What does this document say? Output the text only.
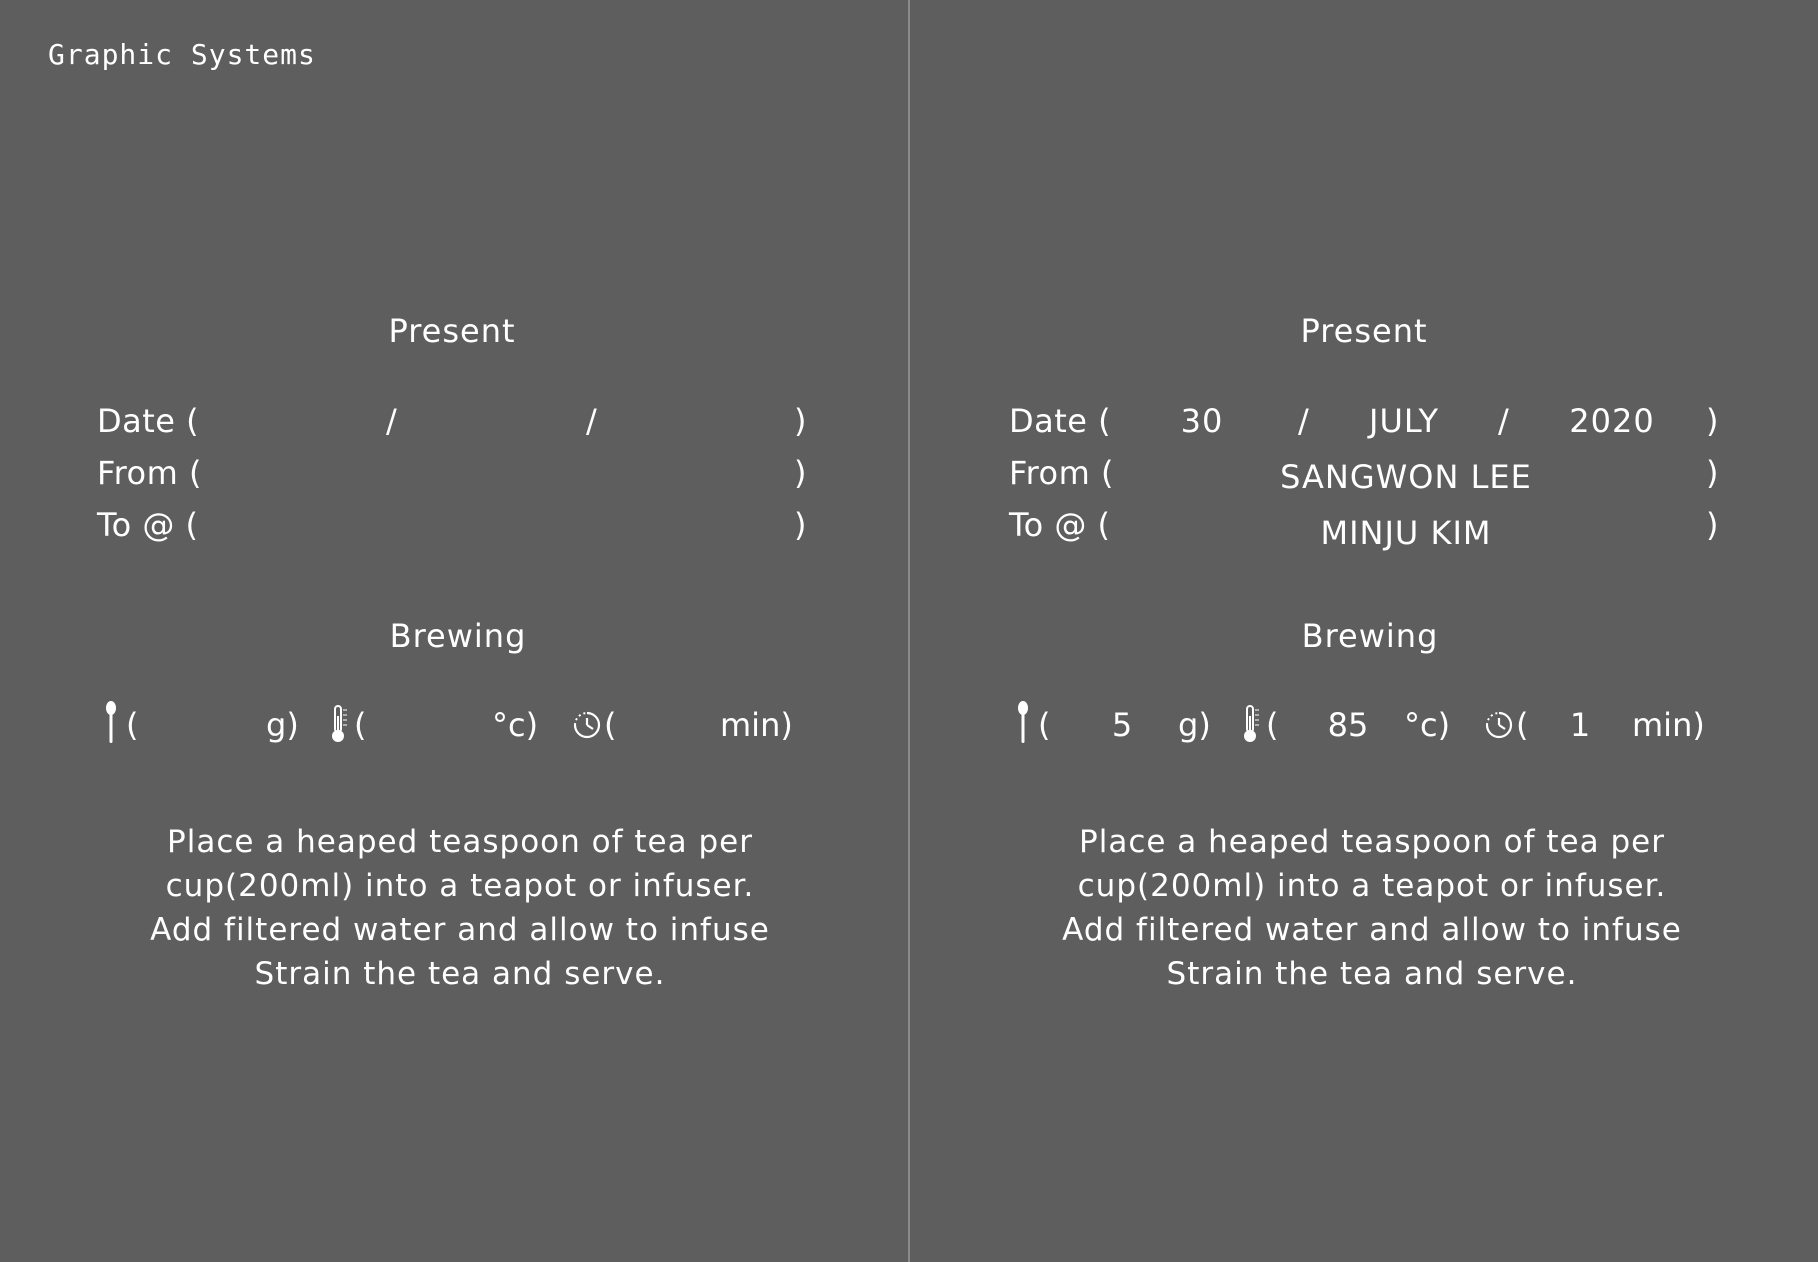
Graphic Systems
Present
Date (	/	/	)
From (	)
To @ (	)
Brewing
(	g) (	°c) (	min)
Place a heaped teaspoon of tea per
cup(200ml) into a teapot or infuser.
Add filtered water and allow to infuse
Strain the tea and serve.
Present
Date ( 30 / JULY / 2020 )
From (	SANGWON LEE	)
To @ (	MINJU KIM	)
Brewing
( 5 g) ( 85 °c) ( 1 min)
Place a heaped teaspoon of tea per
cup(200ml) into a teapot or infuser.
Add filtered water and allow to infuse
Strain the tea and serve.
